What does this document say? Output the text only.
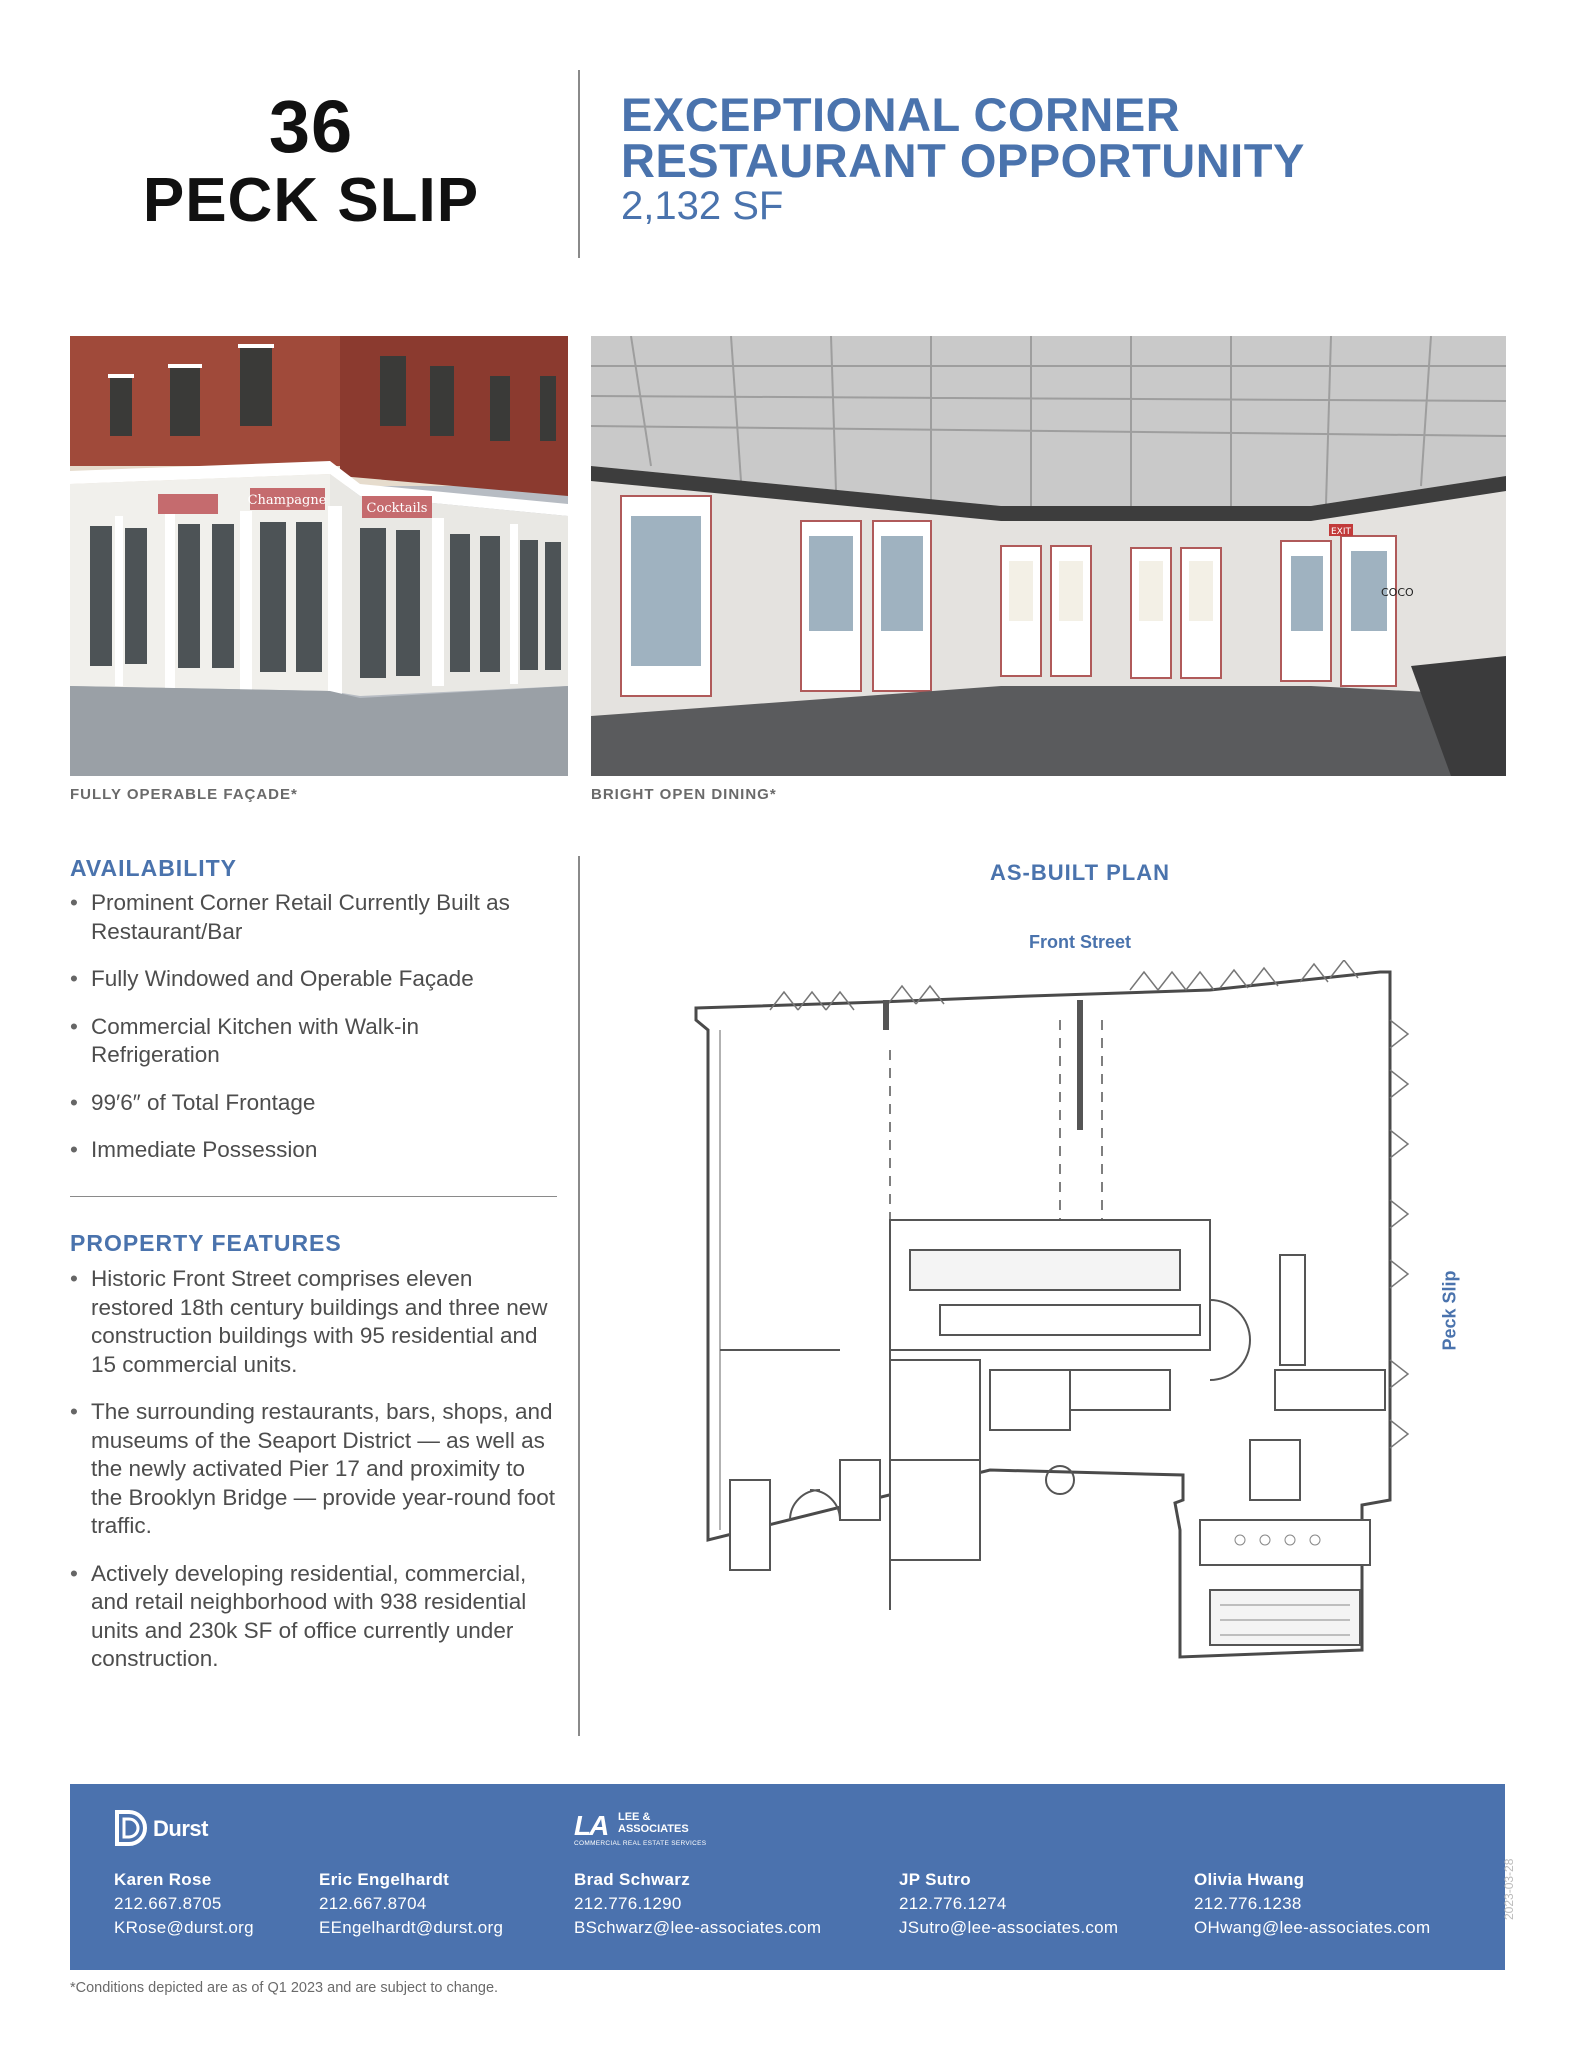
36
PECK SLIP
EXCEPTIONAL CORNER
RESTAURANT OPPORTUNITY
2,132 SF
Champagne
Cocktails
FULLY OPERABLE FAÇADE*
EXIT
COCO
BRIGHT OPEN DINING*
AVAILABILITY
• Prominent Corner Retail Currently Built as Restaurant/Bar
• Fully Windowed and Operable Façade
• Commercial Kitchen with Walk-in Refrigeration
• 99′6″ of Total Frontage
• Immediate Possession
PROPERTY FEATURES
• Historic Front Street comprises eleven restored 18th century buildings and three new construction buildings with 95 residential and 15 commercial units.
• The surrounding restaurants, bars, shops, and museums of the Seaport District — as well as the newly activated Pier 17 and proximity to the Brooklyn Bridge — provide year-round foot traffic.
• Actively developing residential, commercial, and retail neighborhood with 938 residential units and 230k SF of office currently under construction.
AS-BUILT PLAN
Front Street
Peck Slip
Durst	LA LEE &
ASSOCIATES
COMMERCIAL REAL ESTATE SERVICES
Karen Rose
212.667.8705
KRose@durst.org
Eric Engelhardt
212.667.8704
EEngelhardt@durst.org
Brad Schwarz
212.776.1290
BSchwarz@lee-associates.com
JP Sutro
212.776.1274
JSutro@lee-associates.com
Olivia Hwang
212.776.1238
OHwang@lee-associates.com
2023-03-28
*Conditions depicted are as of Q1 2023 and are subject to change.
